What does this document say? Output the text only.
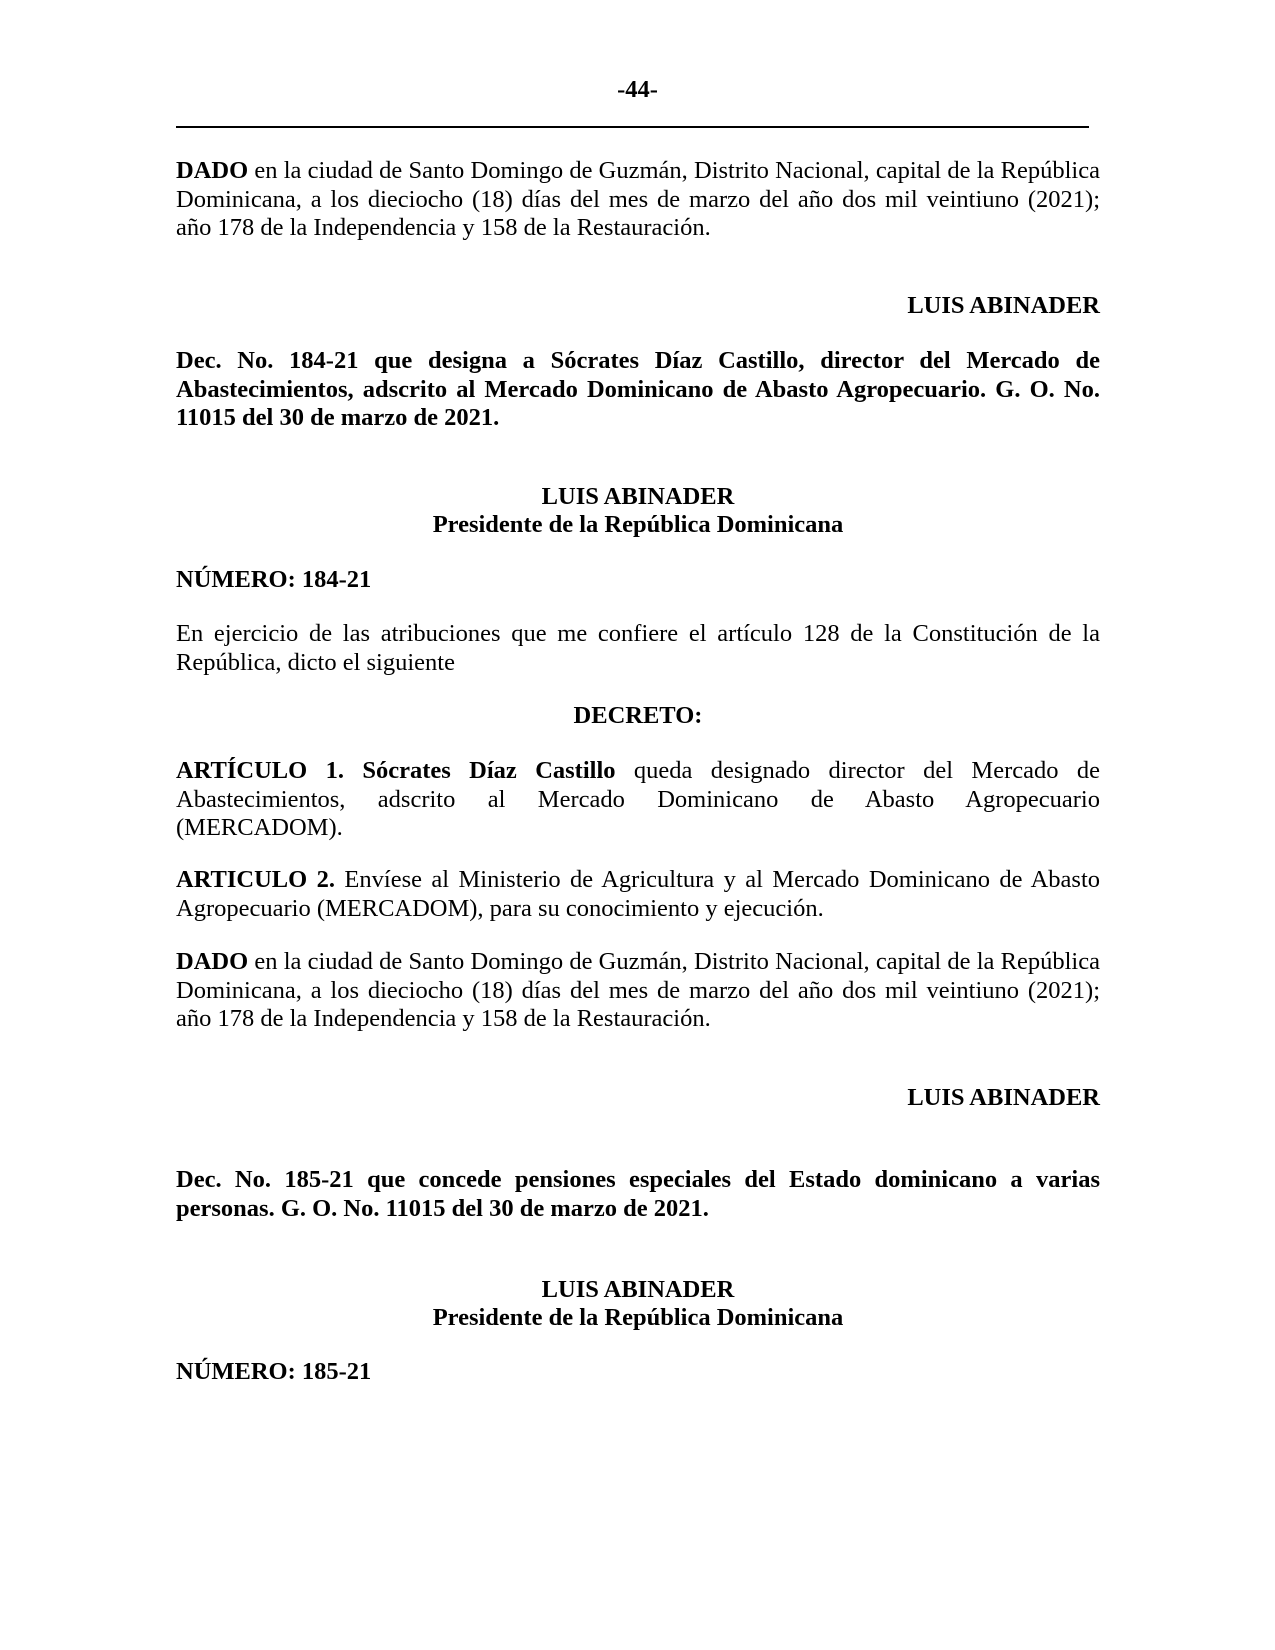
-44-

DADO en la ciudad de Santo Domingo de Guzmán, Distrito Nacional, capital de la República Dominicana, a los dieciocho (18) días del mes de marzo del año dos mil veintiuno (2021); año 178 de la Independencia y 158 de la Restauración.

LUIS ABINADER

Dec. No. 184-21 que designa a Sócrates Díaz Castillo, director del Mercado de Abastecimientos, adscrito al Mercado Dominicano de Abasto Agropecuario. G. O. No. 11015 del 30 de marzo de 2021.

LUIS ABINADER

Presidente de la República Dominicana

NÚMERO: 184-21

En ejercicio de las atribuciones que me confiere el artículo 128 de la Constitución de la República, dicto el siguiente

DECRETO:

ARTÍCULO 1. Sócrates Díaz Castillo queda designado director del Mercado de
Abastecimientos, adscrito al Mercado Dominicano de Abasto Agropecuario
(MERCADOM).

ARTICULO 2. Envíese al Ministerio de Agricultura y al Mercado Dominicano de Abasto Agropecuario (MERCADOM), para su conocimiento y ejecución.

DADO en la ciudad de Santo Domingo de Guzmán, Distrito Nacional, capital de la República Dominicana, a los dieciocho (18) días del mes de marzo del año dos mil veintiuno (2021); año 178 de la Independencia y 158 de la Restauración.

LUIS ABINADER

Dec. No. 185-21 que concede pensiones especiales del Estado dominicano a varias personas. G. O. No. 11015 del 30 de marzo de 2021.

LUIS ABINADER

Presidente de la República Dominicana

NÚMERO: 185-21
